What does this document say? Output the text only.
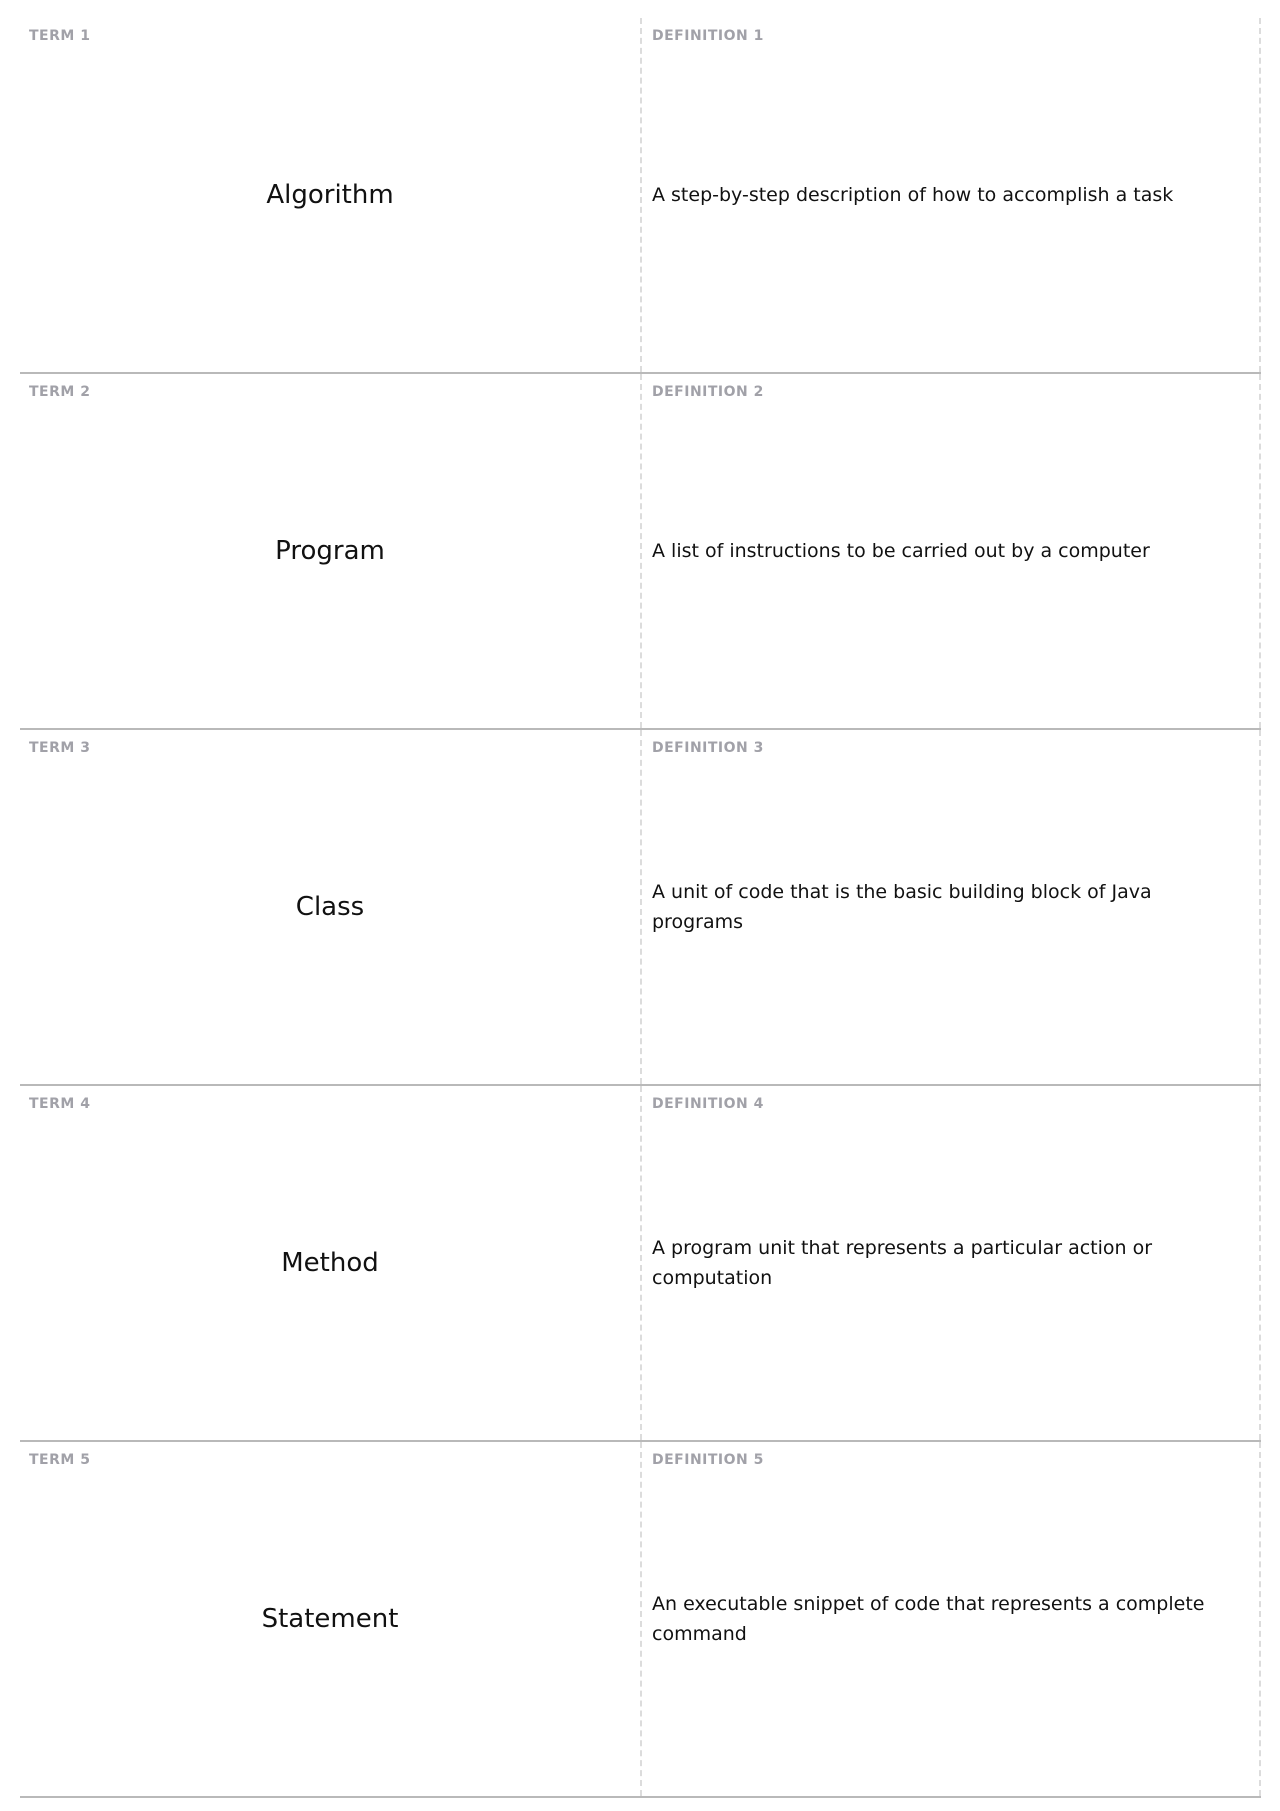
TERM 1
Algorithm
DEFINITION 1
A step-by-step description of how to accomplish a task
TERM 2
Program
DEFINITION 2
A list of instructions to be carried out by a computer
TERM 3
Class
DEFINITION 3
A unit of code that is the basic building block of Java programs
TERM 4
Method
DEFINITION 4
A program unit that represents a particular action or computation
TERM 5
Statement
DEFINITION 5
An executable snippet of code that represents a complete command
